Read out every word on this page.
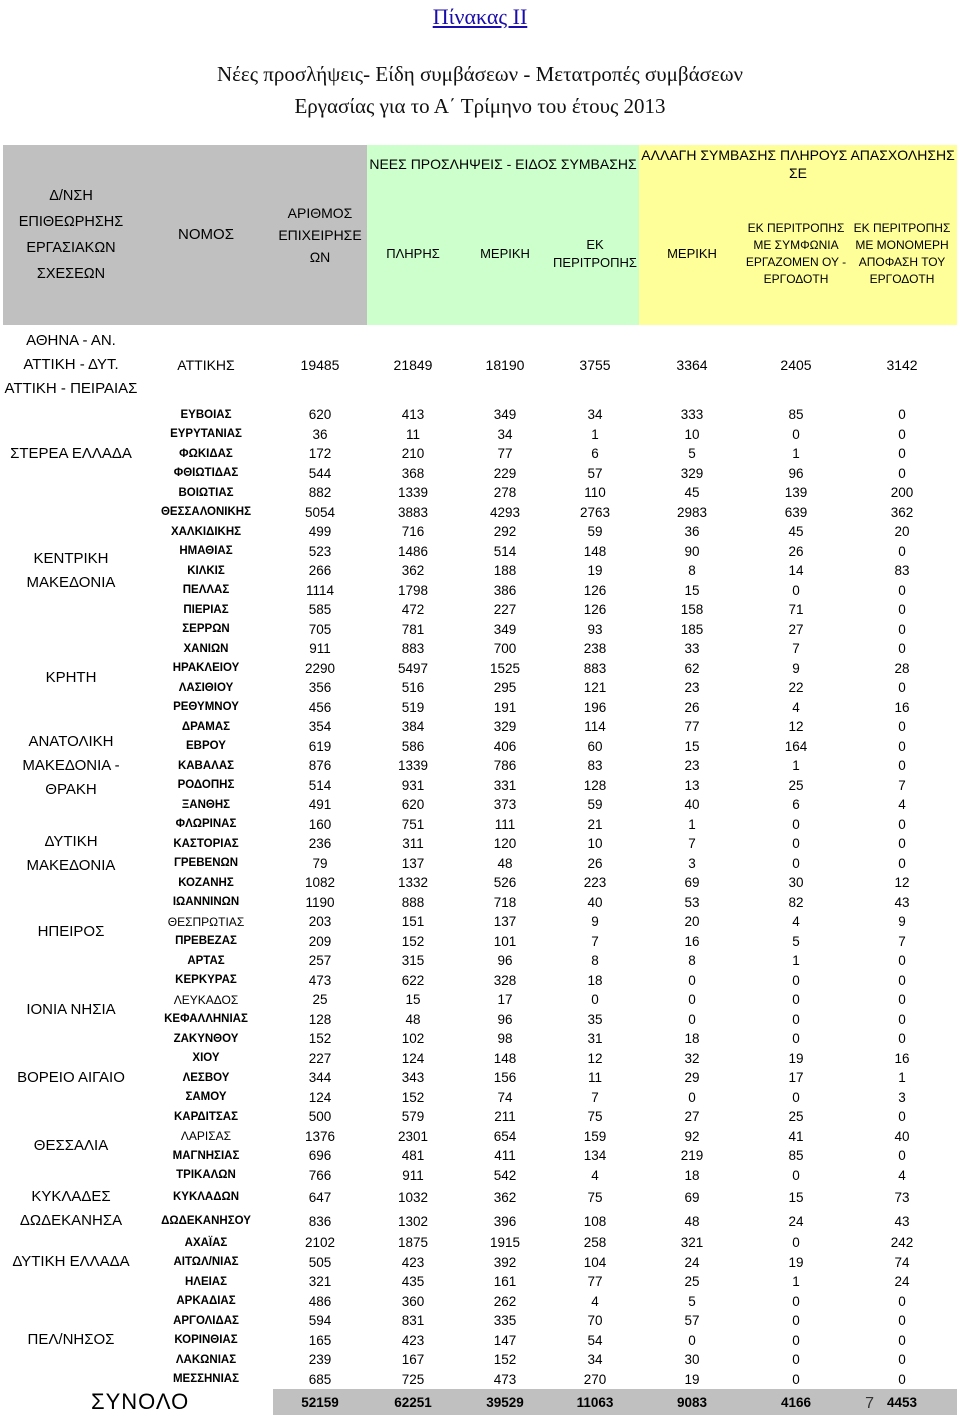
Πίνακας ΙΙ
Νέες προσλήψεις- Είδη συμβάσεων - Μετατροπές συμβάσεων
Εργασίας για το Α΄ Τρίμηνο του έτους 2013
Δ/ΝΣΗ ΕΠΙΘΕΩΡΗΣΗΣ ΕΡΓΑΣΙΑΚΩΝ ΣΧΕΣΕΩΝ	ΝΟΜΟΣ	ΑΡΙΘΜΟΣ ΕΠΙΧΕΙΡΗΣΕ ΩΝ	ΝΕΕΣ ΠΡΟΣΛΗΨΕΙΣ - ΕΙΔΟΣ ΣΥΜΒΑΣΗΣ			ΑΛΛΑΓΗ ΣΥΜΒΑΣΗΣ ΠΛΗΡΟΥΣ ΑΠΑΣΧΟΛΗΣΗΣ ΣΕ		
			ΠΛΗΡΗΣ	ΜΕΡΙΚΗ	ΕΚ ΠΕΡΙΤΡΟΠΗΣ	ΜΕΡΙΚΗ	ΕΚ ΠΕΡΙΤΡΟΠΗΣ ΜΕ ΣΥΜΦΩΝΙΑ ΕΡΓΑΖΟΜΕΝ ΟΥ - ΕΡΓΟΔΟΤΗ	ΕΚ ΠΕΡΙΤΡΟΠΗΣ ΜΕ ΜΟΝΟΜΕΡΗ ΑΠΟΦΑΣΗ ΤΟΥ ΕΡΓΟΔΟΤΗ
ΑΘΗΝΑ - ΑΝ. ΑΤΤΙΚΗ - ΔΥΤ. ΑΤΤΙΚΗ - ΠΕΙΡΑΙΑΣ	ΑΤΤΙΚΗΣ	19485	21849	18190	3755	3364	2405	3142
ΣΤΕΡΕΑ ΕΛΛΑΔΑ	ΕΥΒΟΙΑΣ	620	413	349	34	333	85	0
	ΕΥΡΥΤΑΝΙΑΣ	36	11	34	1	10	0	0
	ΦΩΚΙΔΑΣ	172	210	77	6	5	1	0
	ΦΘΙΩΤΙΔΑΣ	544	368	229	57	329	96	0
	ΒΟΙΩΤΙΑΣ	882	1339	278	110	45	139	200
ΚΕΝΤΡΙΚΗ ΜΑΚΕΔΟΝΙΑ	ΘΕΣΣΑΛΟΝΙΚΗΣ	5054	3883	4293	2763	2983	639	362
	ΧΑΛΚΙΔΙΚΗΣ	499	716	292	59	36	45	20
	ΗΜΑΘΙΑΣ	523	1486	514	148	90	26	0
	ΚΙΛΚΙΣ	266	362	188	19	8	14	83
	ΠΕΛΛΑΣ	1114	1798	386	126	15	0	0
	ΠΙΕΡΙΑΣ	585	472	227	126	158	71	0
	ΣΕΡΡΩΝ	705	781	349	93	185	27	0
ΚΡΗΤΗ	ΧΑΝΙΩΝ	911	883	700	238	33	7	0
	ΗΡΑΚΛΕΙΟΥ	2290	5497	1525	883	62	9	28
	ΛΑΣΙΘΙΟΥ	356	516	295	121	23	22	0
	ΡΕΘΥΜΝΟΥ	456	519	191	196	26	4	16
ΑΝΑΤΟΛΙΚΗ ΜΑΚΕΔΟΝΙΑ - ΘΡΑΚΗ	ΔΡΑΜΑΣ	354	384	329	114	77	12	0
	ΕΒΡΟΥ	619	586	406	60	15	164	0
	ΚΑΒΑΛΑΣ	876	1339	786	83	23	1	0
	ΡΟΔΟΠΗΣ	514	931	331	128	13	25	7
	ΞΑΝΘΗΣ	491	620	373	59	40	6	4
ΔΥΤΙΚΗ ΜΑΚΕΔΟΝΙΑ	ΦΛΩΡΙΝΑΣ	160	751	111	21	1	0	0
	ΚΑΣΤΟΡΙΑΣ	236	311	120	10	7	0	0
	ΓΡΕΒΕΝΩΝ	79	137	48	26	3	0	0
	ΚΟΖΑΝΗΣ	1082	1332	526	223	69	30	12
ΗΠΕΙΡΟΣ	ΙΩΑΝΝΙΝΩΝ	1190	888	718	40	53	82	43
	ΘΕΣΠΡΩΤΙΑΣ	203	151	137	9	20	4	9
	ΠΡΕΒΕΖΑΣ	209	152	101	7	16	5	7
	ΑΡΤΑΣ	257	315	96	8	8	1	0
ΙΟΝΙΑ ΝΗΣΙΑ	ΚΕΡΚΥΡΑΣ	473	622	328	18	0	0	0
	ΛΕΥΚΑΔΟΣ	25	15	17	0	0	0	0
	ΚΕΦΑΛΛΗΝΙΑΣ	128	48	96	35	0	0	0
	ΖΑΚΥΝΘΟΥ	152	102	98	31	18	0	0
ΒΟΡΕΙΟ ΑΙΓΑΙΟ	ΧΙΟΥ	227	124	148	12	32	19	16
	ΛΕΣΒΟΥ	344	343	156	11	29	17	1
	ΣΑΜΟΥ	124	152	74	7	0	0	3
ΘΕΣΣΑΛΙΑ	ΚΑΡΔΙΤΣΑΣ	500	579	211	75	27	25	0
	ΛΑΡΙΣΑΣ	1376	2301	654	159	92	41	40
	ΜΑΓΝΗΣΙΑΣ	696	481	411	134	219	85	0
	ΤΡΙΚΑΛΩΝ	766	911	542	4	18	0	4
ΚΥΚΛΑΔΕΣ	ΚΥΚΛΑΔΩΝ	647	1032	362	75	69	15	73
ΔΩΔΕΚΑΝΗΣΑ	ΔΩΔΕΚΑΝΗΣΟΥ	836	1302	396	108	48	24	43
ΔΥΤΙΚΗ ΕΛΛΑΔΑ	ΑΧΑΪΑΣ	2102	1875	1915	258	321	0	242
	ΑΙΤΩΛ/ΝΙΑΣ	505	423	392	104	24	19	74
	ΗΛΕΙΑΣ	321	435	161	77	25	1	24
ΠΕΛ/ΝΗΣΟΣ	ΑΡΚΑΔΙΑΣ	486	360	262	4	5	0	0
	ΑΡΓΟΛΙΔΑΣ	594	831	335	70	57	0	0
	ΚΟΡΙΝΘΙΑΣ	165	423	147	54	0	0	0
	ΛΑΚΩΝΙΑΣ	239	167	152	34	30	0	0
	ΜΕΣΣΗΝΙΑΣ	685	725	473	270	19	0	0
ΣΥΝΟΛΟ		52159	62251	39529	11063	9083	4166	4453
7
